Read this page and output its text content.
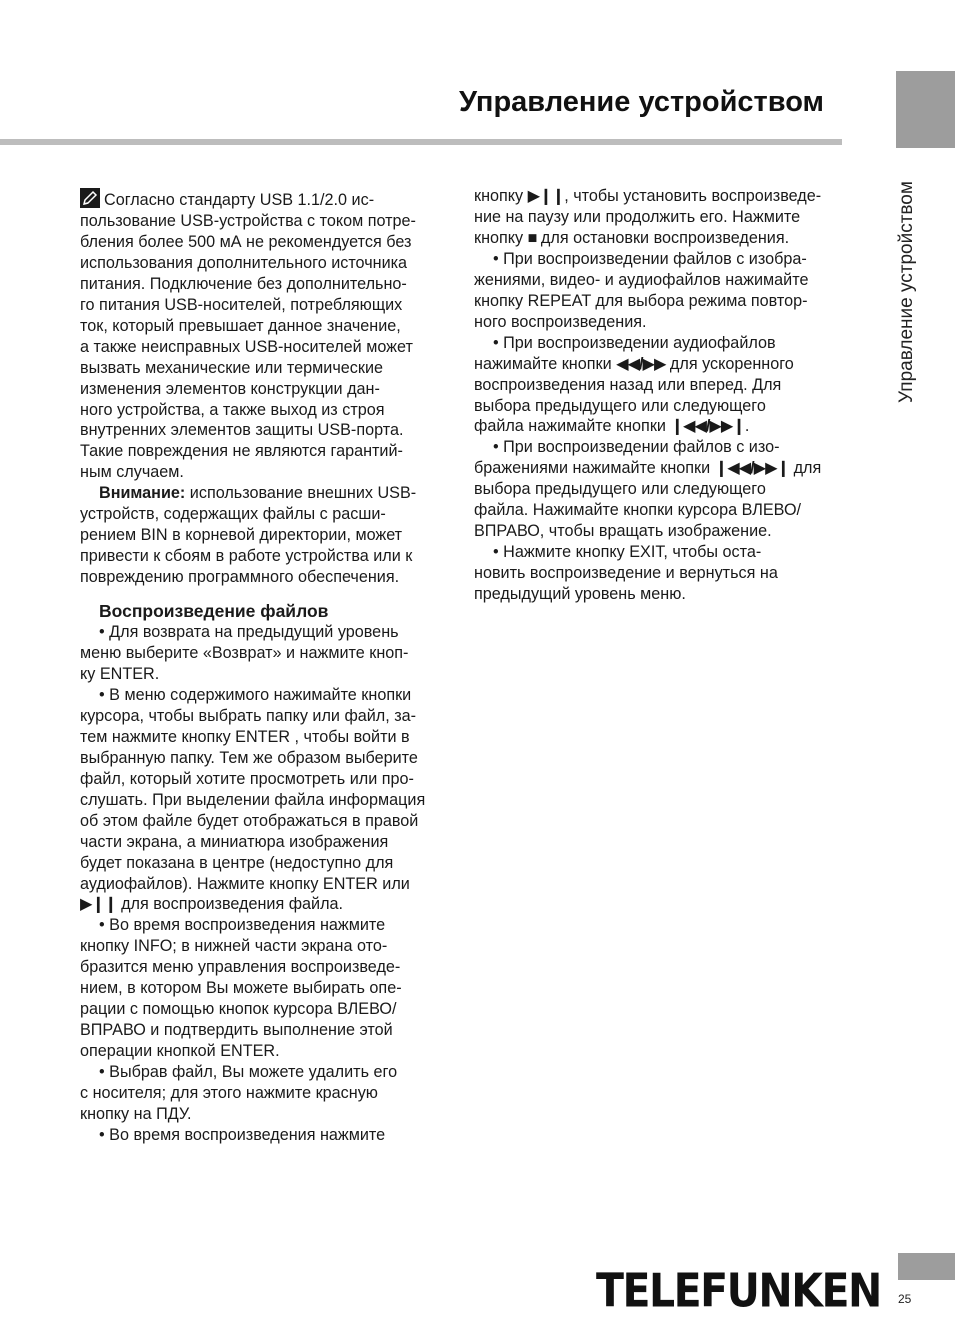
Управление устройством
Управление устройством

Согласно стандарту USB 1.1/2.0 ис-

пользование USB-устройства с током потре-

бления более 500 мА не рекомендуется без

использования дополнительного источника

питания. Подключение без дополнительно-

го питания USB-носителей, потребляющих

ток, который превышает данное значение,

а также неисправных USB-носителей может

вызвать механические или термические

изменения элементов конструкции дан-

ного устройства, а также выход из строя

внутренних элементов защиты USB-порта.

Такие повреждения не являются гарантий-

ным случаем.

Внимание: использование внешних USB-

устройств, содержащих файлы с расши-

рением BIN в корневой директории, может

привести к сбоям в работе устройства или к

повреждению программного обеспечения.

Воспроизведение файлов

• Для возврата на предыдущий уровень

меню выберите «Возврат» и нажмите кноп-

ку ENTER.

• В меню содержимого нажимайте кнопки

курсора, чтобы выбрать папку или файл, за-

тем нажмите кнопку ENTER , чтобы войти в

выбранную папку. Тем же образом выберите

файл, который хотите просмотреть или про-

слушать. При выделении файла информация

об этом файле будет отображаться в правой

части экрана, а миниатюра изображения

будет показана в центре (недоступно для

аудиофайлов). Нажмите кнопку ENTER или

▶❙❙ для воспроизведения файла.

• Во время воспроизведения нажмите

кнопку INFO; в нижней части экрана ото-

бразится меню управления воспроизведе-

нием, в котором Вы можете выбирать опе-

рации с помощью кнопок курсора ВЛЕВО/

ВПРАВО и подтвердить выполнение этой

операции кнопкой ENTER.

• Выбрав файл, Вы можете удалить его

с носителя; для этого нажмите красную

кнопку на ПДУ.

• Во время воспроизведения нажмите

кнопку ▶❙❙, чтобы установить воспроизведе-

ние на паузу или продолжить его. Нажмите

кнопку ■ для остановки воспроизведения.

• При воспроизведении файлов с изобра-

жениями, видео- и аудиофайлов нажимайте

кнопку REPEAT для выбора режима повтор-

ного воспроизведения.

• При воспроизведении аудиофайлов

нажимайте кнопки ◀◀/▶▶ для ускоренного

воспроизведения назад или вперед. Для

выбора предыдущего или следующего

файла нажимайте кнопки ❙◀◀/▶▶❙.

• При воспроизведении файлов с изо-

бражениями нажимайте кнопки ❙◀◀/▶▶❙ для

выбора предыдущего или следующего

файла. Нажимайте кнопки курсора ВЛЕВО/

ВПРАВО, чтобы вращать изображение.

• Нажмите кнопку EXIT, чтобы оста-

новить воспроизведение и вернуться на

предыдущий уровень меню.

TELEFUNKEN 25
